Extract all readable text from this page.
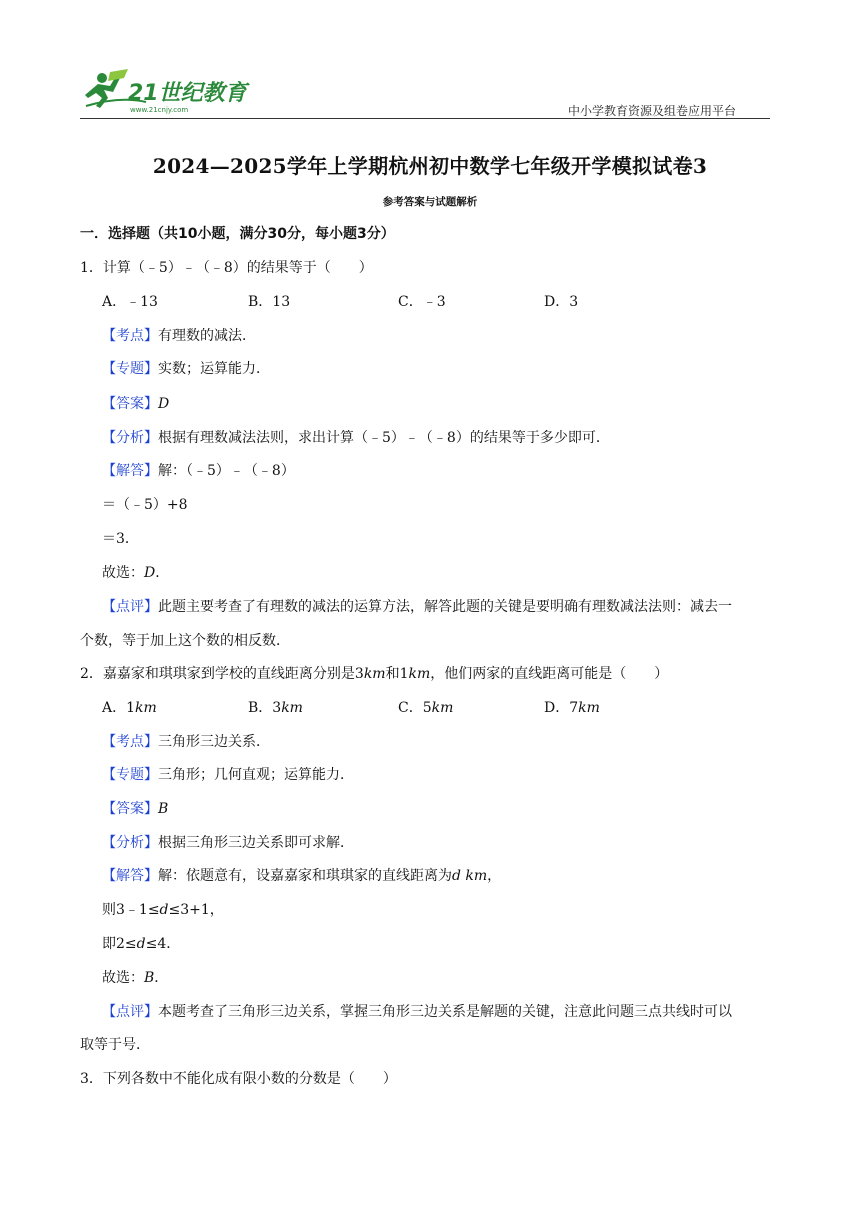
21世纪教育
www.21cnjy.com	中小学教育资源及组卷应用平台
2024—2025学年上学期杭州初中数学七年级开学模拟试卷3
参考答案与试题解析
一．选择题（共10小题，满分30分，每小题3分）
1．计算（﹣5）﹣（﹣8）的结果等于（　　）
A．﹣13	B．13	C．﹣3	D．3
【考点】有理数的减法．
【专题】实数；运算能力．
【答案】D
【分析】根据有理数减法法则，求出计算（﹣5）﹣（﹣8）的结果等于多少即可．
【解答】解：（﹣5）﹣（﹣8）
＝（﹣5）+8
＝3．
故选：D．
【点评】此题主要考查了有理数的减法的运算方法，解答此题的关键是要明确有理数减法法则：减去一
个数，等于加上这个数的相反数．
2．嘉嘉家和琪琪家到学校的直线距离分别是3km和1km，他们两家的直线距离可能是（　　）
A．1km	B．3km	C．5km	D．7km
【考点】三角形三边关系．
【专题】三角形；几何直观；运算能力．
【答案】B
【分析】根据三角形三边关系即可求解．
【解答】解：依题意有，设嘉嘉家和琪琪家的直线距离为d km，
则3﹣1≤d≤3+1，
即2≤d≤4．
故选：B．
【点评】本题考查了三角形三边关系，掌握三角形三边关系是解题的关键，注意此问题三点共线时可以
取等于号．
3．下列各数中不能化成有限小数的分数是（　　）
